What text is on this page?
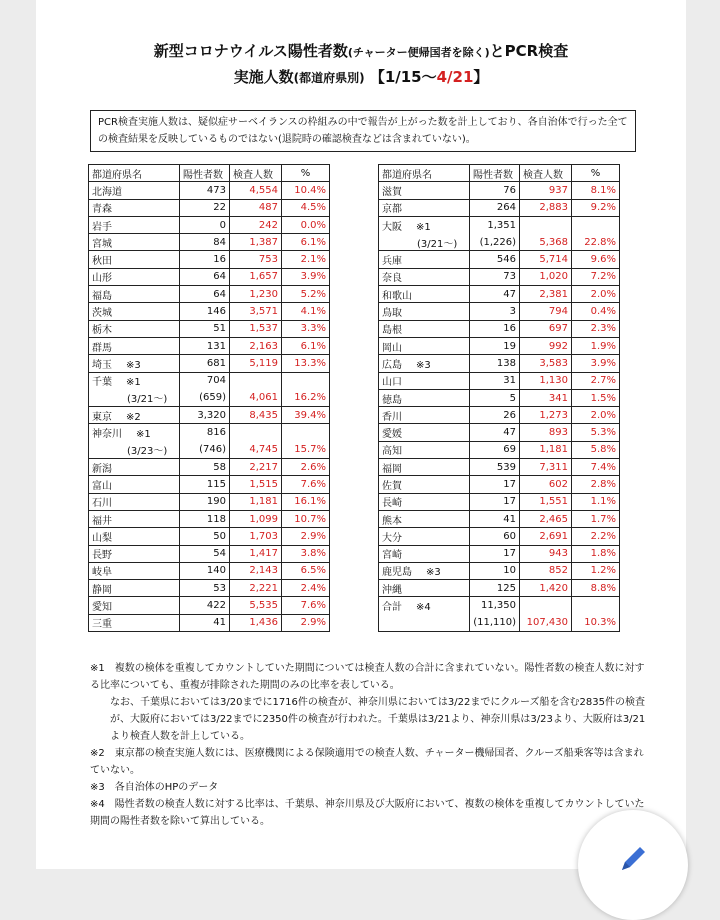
新型コロナウイルス陽性者数(チャーター便帰国者を除く)とPCR検査
実施人数(都道府県別) 【1/15〜4/21】
PCR検査実施人数は、疑似症サーベイランスの枠組みの中で報告が上がった数を計上しており、各自治体で行った全ての検査結果を反映しているものではない(退院時の確認検査などは含まれていない)。
都道府県名	陽性者数	検査人数	%
北海道	473	4,554	10.4%
青森	22	487	4.5%
岩手	0	242	0.0%
宮城	84	1,387	6.1%
秋田	16	753	2.1%
山形	64	1,657	3.9%
福島	64	1,230	5.2%
茨城	146	3,571	4.1%
栃木	51	1,537	3.3%
群馬	131	2,163	6.1%
埼玉 ※3	681	5,119	13.3%
千葉 ※1	704		
(3/21〜)	(659)	4,061	16.2%
東京 ※2	3,320	8,435	39.4%
神奈川 ※1	816		
(3/23〜)	(746)	4,745	15.7%
新潟	58	2,217	2.6%
富山	115	1,515	7.6%
石川	190	1,181	16.1%
福井	118	1,099	10.7%
山梨	50	1,703	2.9%
長野	54	1,417	3.8%
岐阜	140	2,143	6.5%
静岡	53	2,221	2.4%
愛知	422	5,535	7.6%
三重	41	1,436	2.9%
都道府県名	陽性者数	検査人数	%
滋賀	76	937	8.1%
京都	264	2,883	9.2%
大阪 ※1	1,351		
(3/21〜)	(1,226)	5,368	22.8%
兵庫	546	5,714	9.6%
奈良	73	1,020	7.2%
和歌山	47	2,381	2.0%
鳥取	3	794	0.4%
島根	16	697	2.3%
岡山	19	992	1.9%
広島 ※3	138	3,583	3.9%
山口	31	1,130	2.7%
徳島	5	341	1.5%
香川	26	1,273	2.0%
愛媛	47	893	5.3%
高知	69	1,181	5.8%
福岡	539	7,311	7.4%
佐賀	17	602	2.8%
長崎	17	1,551	1.1%
熊本	41	2,465	1.7%
大分	60	2,691	2.2%
宮崎	17	943	1.8%
鹿児島 ※3	10	852	1.2%
沖縄	125	1,420	8.8%
合計 ※4	11,350		
	(11,110)	107,430	10.3%

※1　複数の検体を重複してカウントしていた期間については検査人数の合計に含まれていない。陽性者数の検査人数に対する比率についても、重複が排除された期間のみの比率を表している。

なお、千葉県においては3/20までに1716件の検査が、神奈川県においては3/22までにクルーズ船を含む2835件の検査が、大阪府においては3/22までに2350件の検査が行われた。千葉県は3/21より、神奈川県は3/23より、大阪府は3/21より検査人数を計上している。

※2　東京都の検査実施人数には、医療機関による保険適用での検査人数、チャーター機帰国者、クルーズ船乗客等は含まれていない。

※3　各自治体のHPのデータ

※4　陽性者数の検査人数に対する比率は、千葉県、神奈川県及び大阪府において、複数の検体を重複してカウントしていた期間の陽性者数を除いて算出している。
